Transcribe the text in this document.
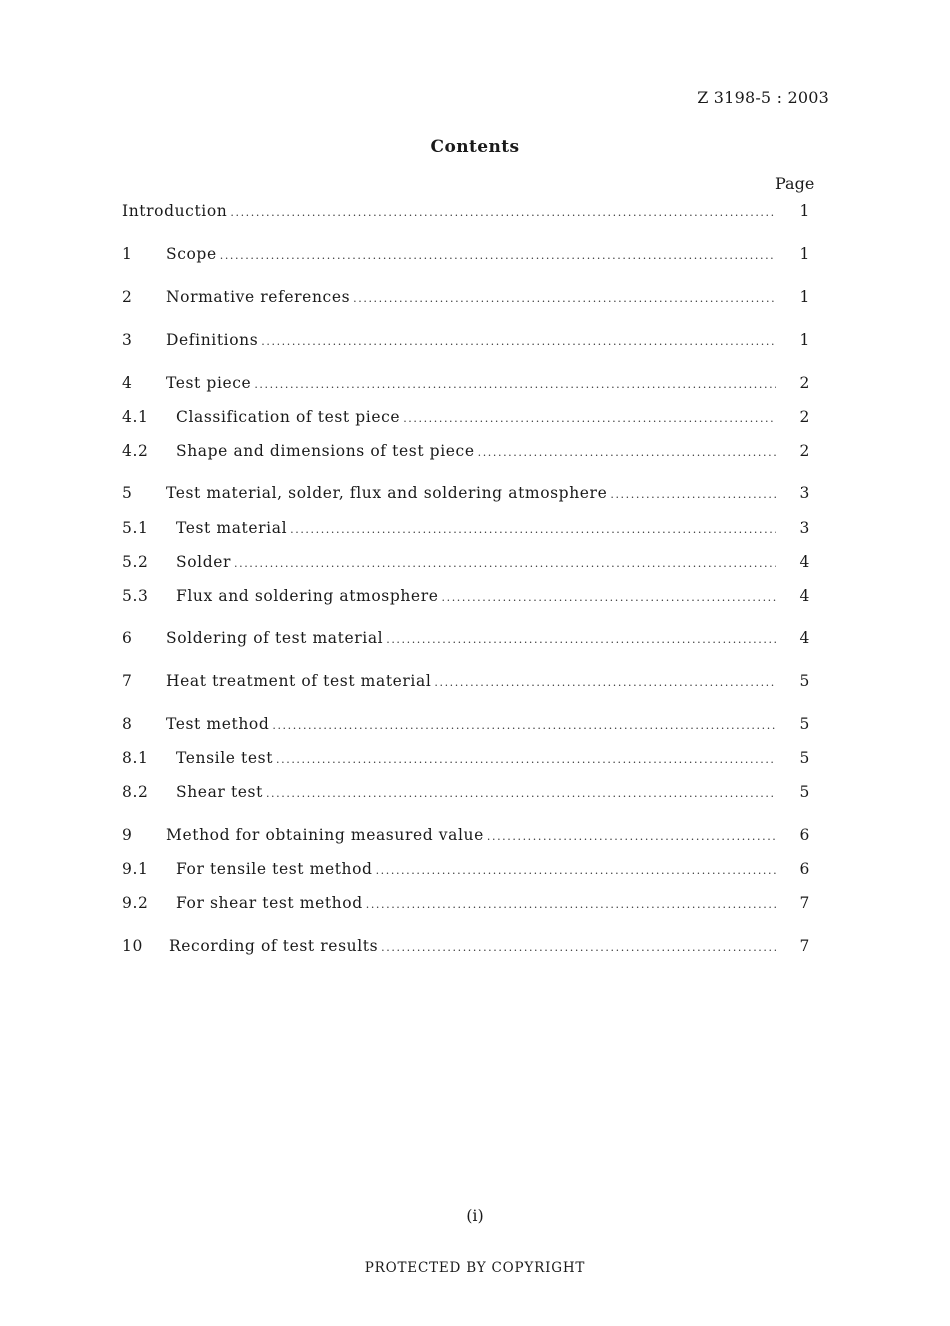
Z 3198-5 : 2003
Contents
Page
Introduction .....	1
1	Scope .....	1
2	Normative references .....	1
3	Definitions .....	1
4	Test piece .....	2
4.1	Classification of test piece .....	2
4.2	Shape and dimensions of test piece .....	2
5	Test material, solder, flux and soldering atmosphere .....	3
5.1	Test material .....	3
5.2	Solder .....	4
5.3	Flux and soldering atmosphere .....	4
6	Soldering of test material .....	4
7	Heat treatment of test material .....	5
8	Test method .....	5
8.1	Tensile test .....	5
8.2	Shear test .....	5
9	Method for obtaining measured value .....	6
9.1	For tensile test method .....	6
9.2	For shear test method .....	7
10	Recording of test results .....	7
(i)
PROTECTED BY COPYRIGHT
